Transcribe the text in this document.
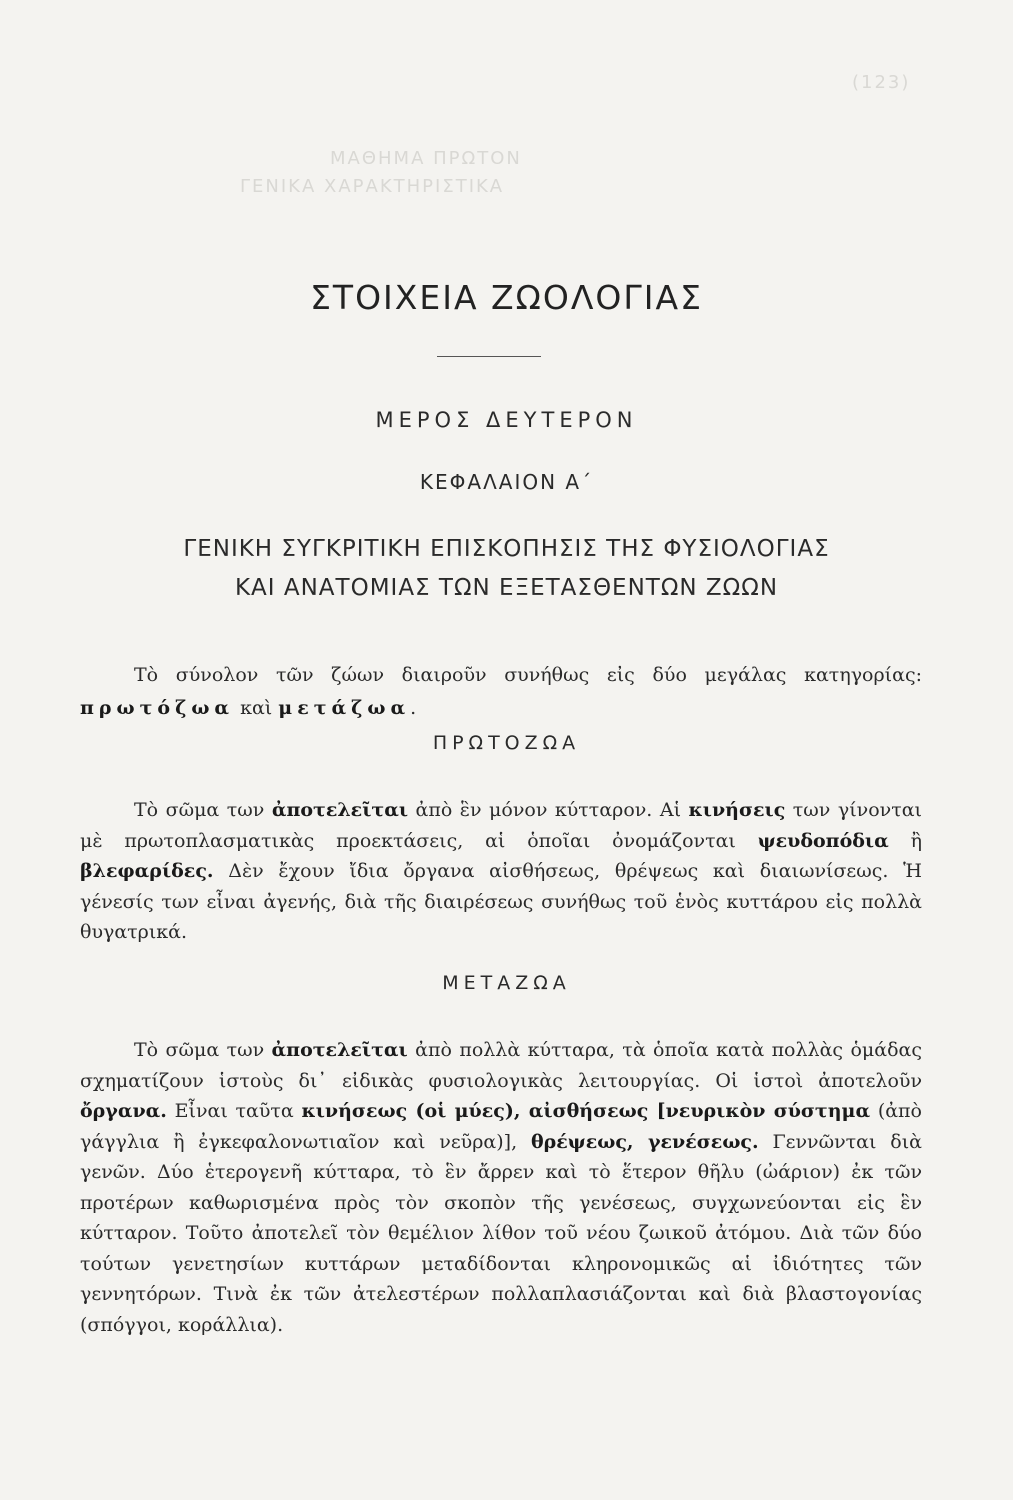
(123)
ΜΑΘΗΜΑ ΠΡΩΤΟΝ
ΓΕΝΙΚΑ ΧΑΡΑΚΤΗΡΙΣΤΙΚΑ
ΣΤΟΙΧΕΙΑ ΖΩΟΛΟΓΙΑΣ
ΜΕΡΟΣ ΔΕΥΤΕΡΟΝ
ΚΕΦΑΛΑΙΟΝ Α΄
ΓΕΝΙΚΗ ΣΥΓΚΡΙΤΙΚΗ ΕΠΙΣΚΟΠΗΣΙΣ ΤΗΣ ΦΥΣΙΟΛΟΓΙΑΣ
ΚΑΙ ΑΝΑΤΟΜΙΑΣ ΤΩΝ ΕΞΕΤΑΣΘΕΝΤΩΝ ΖΩΩΝ

Τὸ σύνολον τῶν ζώων διαιροῦν συνήθως εἰς δύο μεγάλας κατηγορίας: πρωτόζωα καὶ μετάζωα.

ΠΡΩΤΟΖΩΑ

Τὸ σῶμα των ἀποτελεῖται ἀπὸ ἓν μόνον κύτταρον. Αἱ κινήσεις των γίνονται μὲ πρωτοπλασματικὰς προεκτάσεις, αἱ ὁποῖαι ὀνομάζονται ψευδοπόδια ἢ βλεφαρίδες. Δὲν ἔχουν ἴδια ὄργανα αἰσθήσεως, θρέψεως καὶ διαιωνίσεως. Ἡ γένεσίς των εἶναι ἀγενής, διὰ τῆς διαιρέσεως συνήθως τοῦ ἑνὸς κυττάρου εἰς πολλὰ θυγατρικά.

ΜΕΤΑΖΩΑ

Τὸ σῶμα των ἀποτελεῖται ἀπὸ πολλὰ κύτταρα, τὰ ὁποῖα κατὰ πολλὰς ὁμάδας σχηματίζουν ἱστοὺς δι᾿ εἰδικὰς φυσιολογικὰς λειτουργίας. Οἱ ἱστοὶ ἀποτελοῦν ὄργανα. Εἶναι ταῦτα κινήσεως (οἱ μύες), αἰσθήσεως [νευρικὸν σύστημα (ἀπὸ γάγγλια ἢ ἐγκεφαλονωτιαῖον καὶ νεῦρα)], θρέψεως, γενέσεως. Γεννῶνται διὰ γενῶν. Δύο ἑτερογενῆ κύτταρα, τὸ ἓν ἄρρεν καὶ τὸ ἕτερον θῆλυ (ὠάριον) ἐκ τῶν προτέρων καθωρισμένα πρὸς τὸν σκοπὸν τῆς γενέσεως, συγχωνεύονται εἰς ἓν κύτταρον. Τοῦτο ἀποτελεῖ τὸν θεμέλιον λίθον τοῦ νέου ζωικοῦ ἀτόμου. Διὰ τῶν δύο τούτων γενετησίων κυττάρων μεταδίδονται κληρονομικῶς αἱ ἰδιότητες τῶν γεννητόρων. Τινὰ ἐκ τῶν ἀτελεστέρων πολλαπλασιάζονται καὶ διὰ βλαστογονίας (σπόγγοι, κοράλλια).
